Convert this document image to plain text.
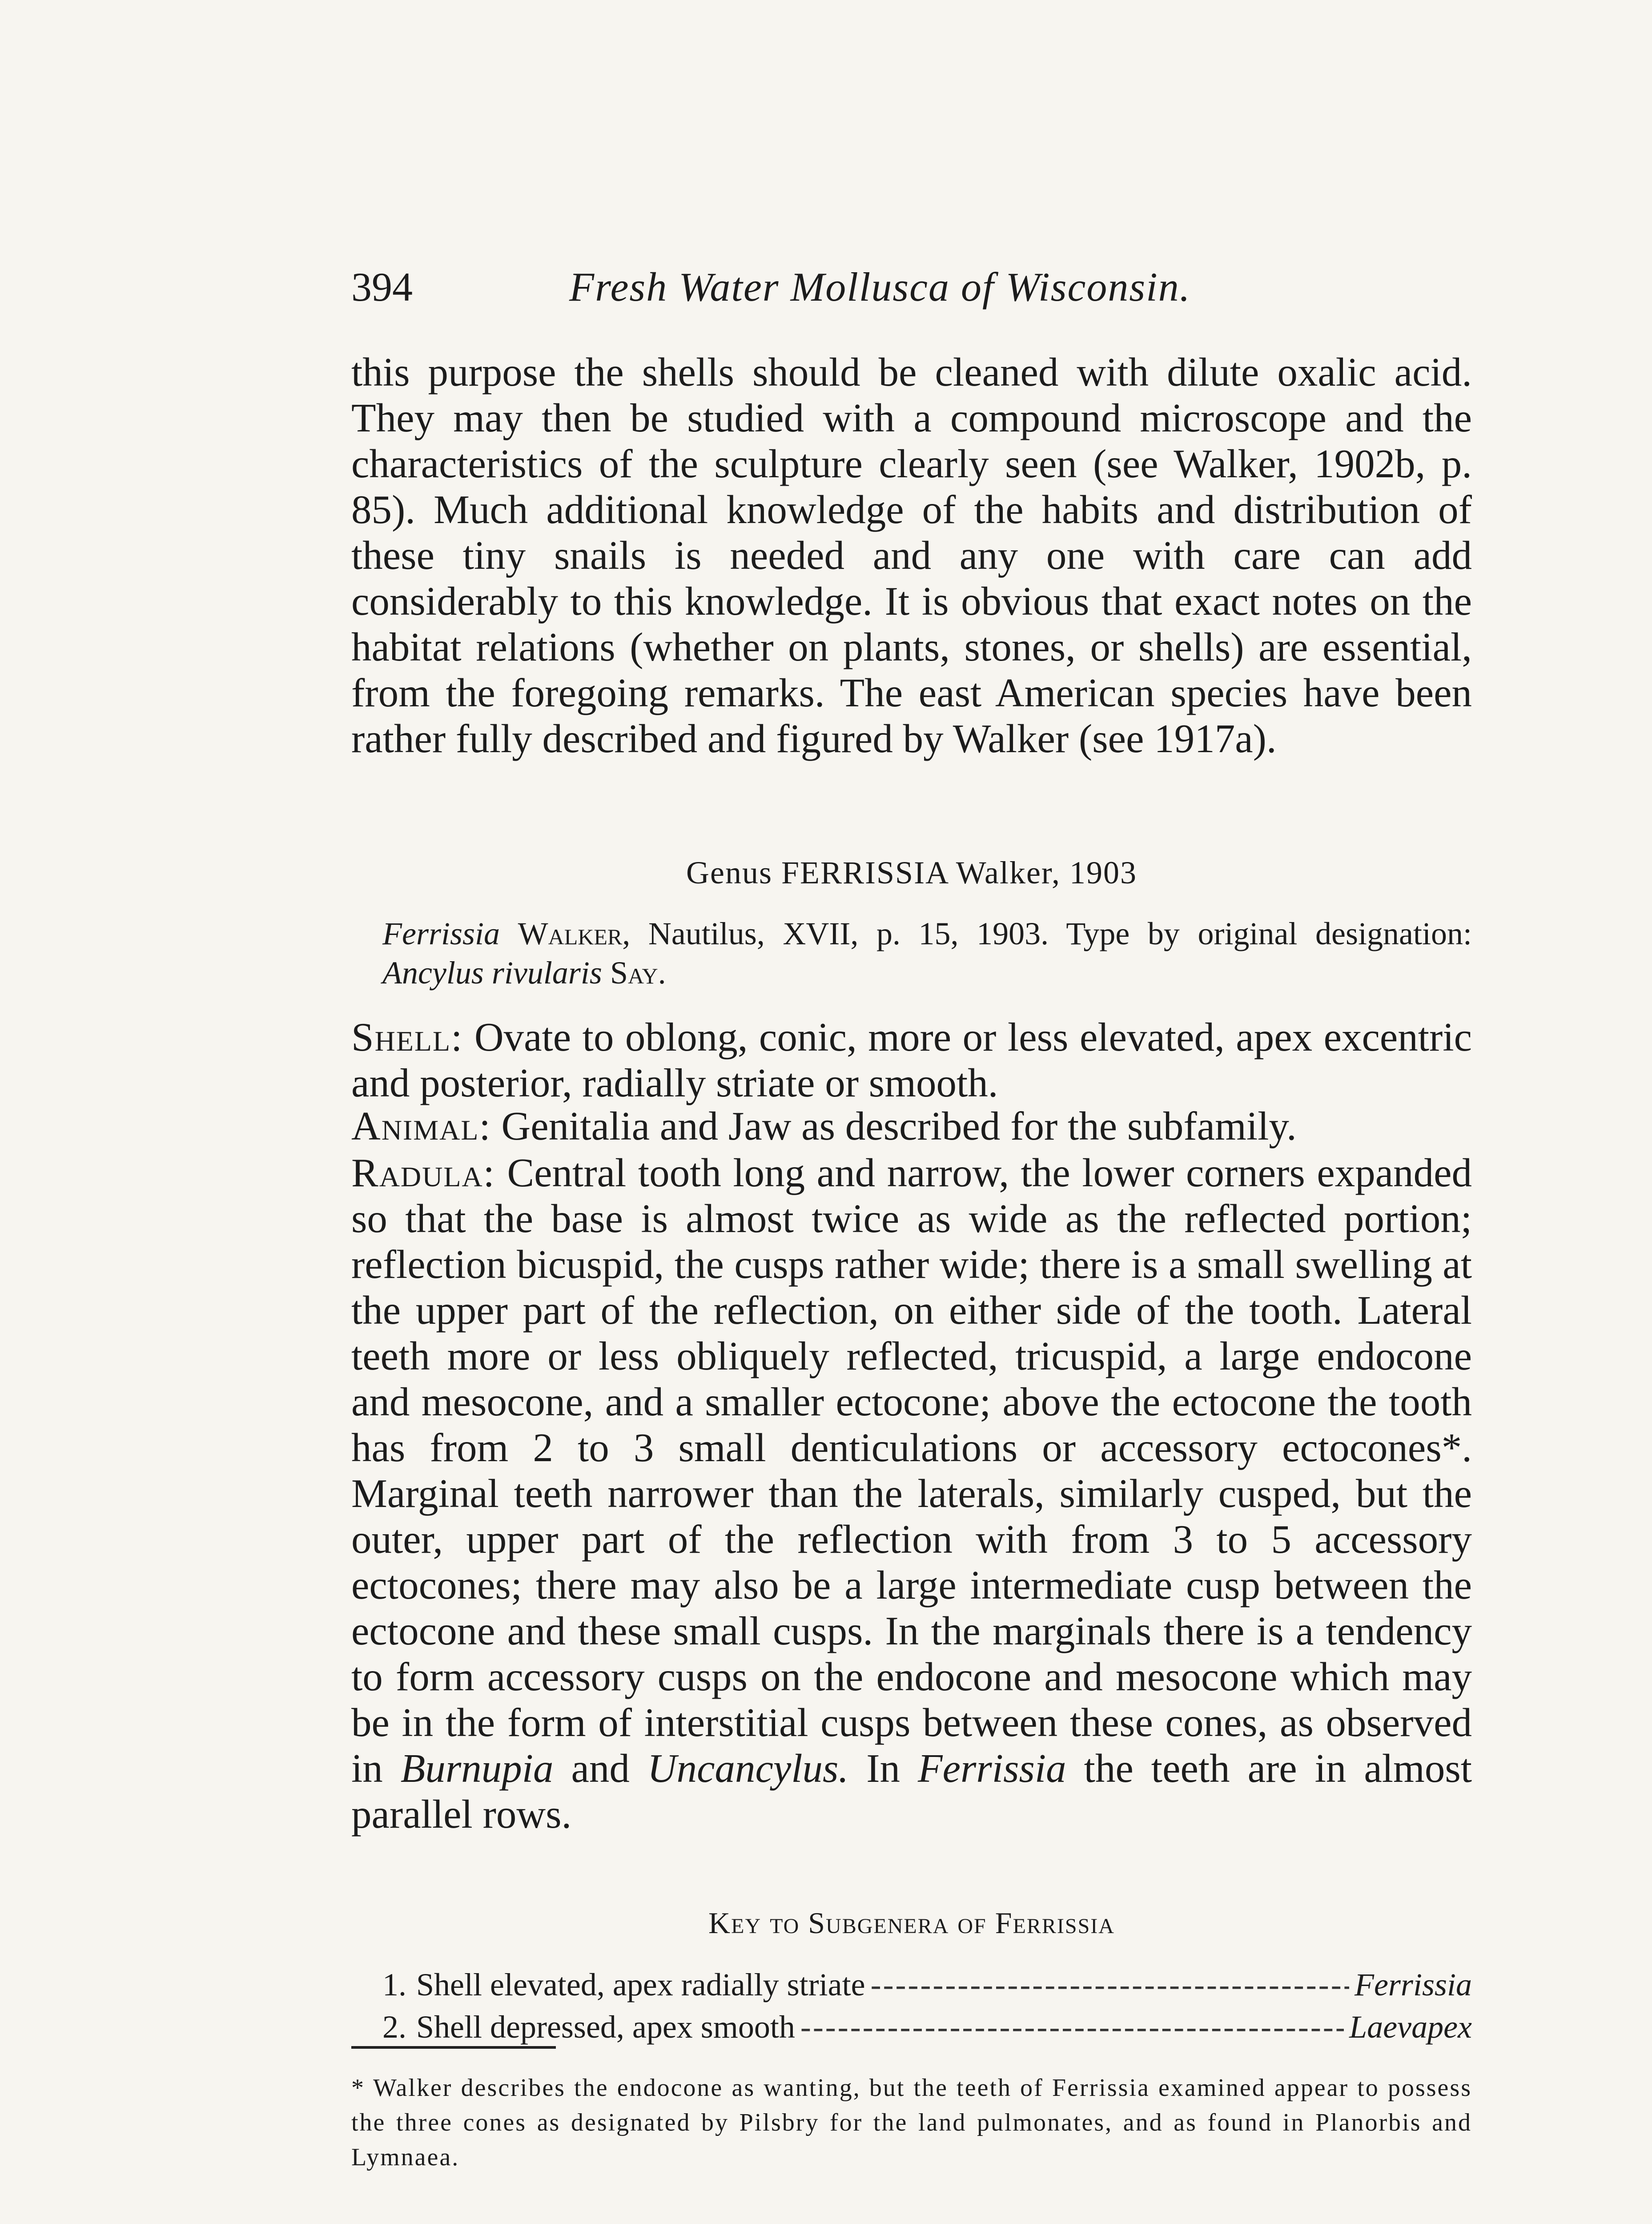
394	Fresh Water Mollusca of Wisconsin.

this purpose the shells should be cleaned with dilute oxalic acid. They may then be studied with a compound microscope and the characteristics of the sculpture clearly seen (see Walker, 1902b, p. 85). Much additional knowledge of the habits and distribution of these tiny snails is needed and any one with care can add considerably to this knowledge. It is obvious that exact notes on the habitat relations (whether on plants, stones, or shells) are essential, from the foregoing remarks. The east American species have been rather fully described and figured by Walker (see 1917a).

Genus FERRISSIA Walker, 1903

Ferrissia Walker, Nautilus, XVII, p. 15, 1903. Type by original designation: Ancylus rivularis Say.

Shell: Ovate to oblong, conic, more or less elevated, apex excentric and posterior, radially striate or smooth.

Animal: Genitalia and Jaw as described for the subfamily.

Radula: Central tooth long and narrow, the lower corners expanded so that the base is almost twice as wide as the reflected portion; reflection bicuspid, the cusps rather wide; there is a small swelling at the upper part of the reflection, on either side of the tooth. Lateral teeth more or less obliquely reflected, tricuspid, a large endocone and mesocone, and a smaller ectocone; above the ectocone the tooth has from 2 to 3 small denticulations or accessory ectocones*. Marginal teeth narrower than the laterals, similarly cusped, but the outer, upper part of the reflection with from 3 to 5 accessory ectocones; there may also be a large intermediate cusp between the ectocone and these small cusps. In the marginals there is a tendency to form accessory cusps on the endocone and mesocone which may be in the form of interstitial cusps between these cones, as observed in Burnupia and Uncancylus. In Ferrissia the teeth are in almost parallel rows.

Key to Subgenera of Ferrissia

1. Shell elevated, apex radially striate -----	Ferrissia
2. Shell depressed, apex smooth -----	Laevapex

* Walker describes the endocone as wanting, but the teeth of Ferrissia examined appear to possess the three cones as designated by Pilsbry for the land pulmonates, and as found in Planorbis and Lymnaea.
